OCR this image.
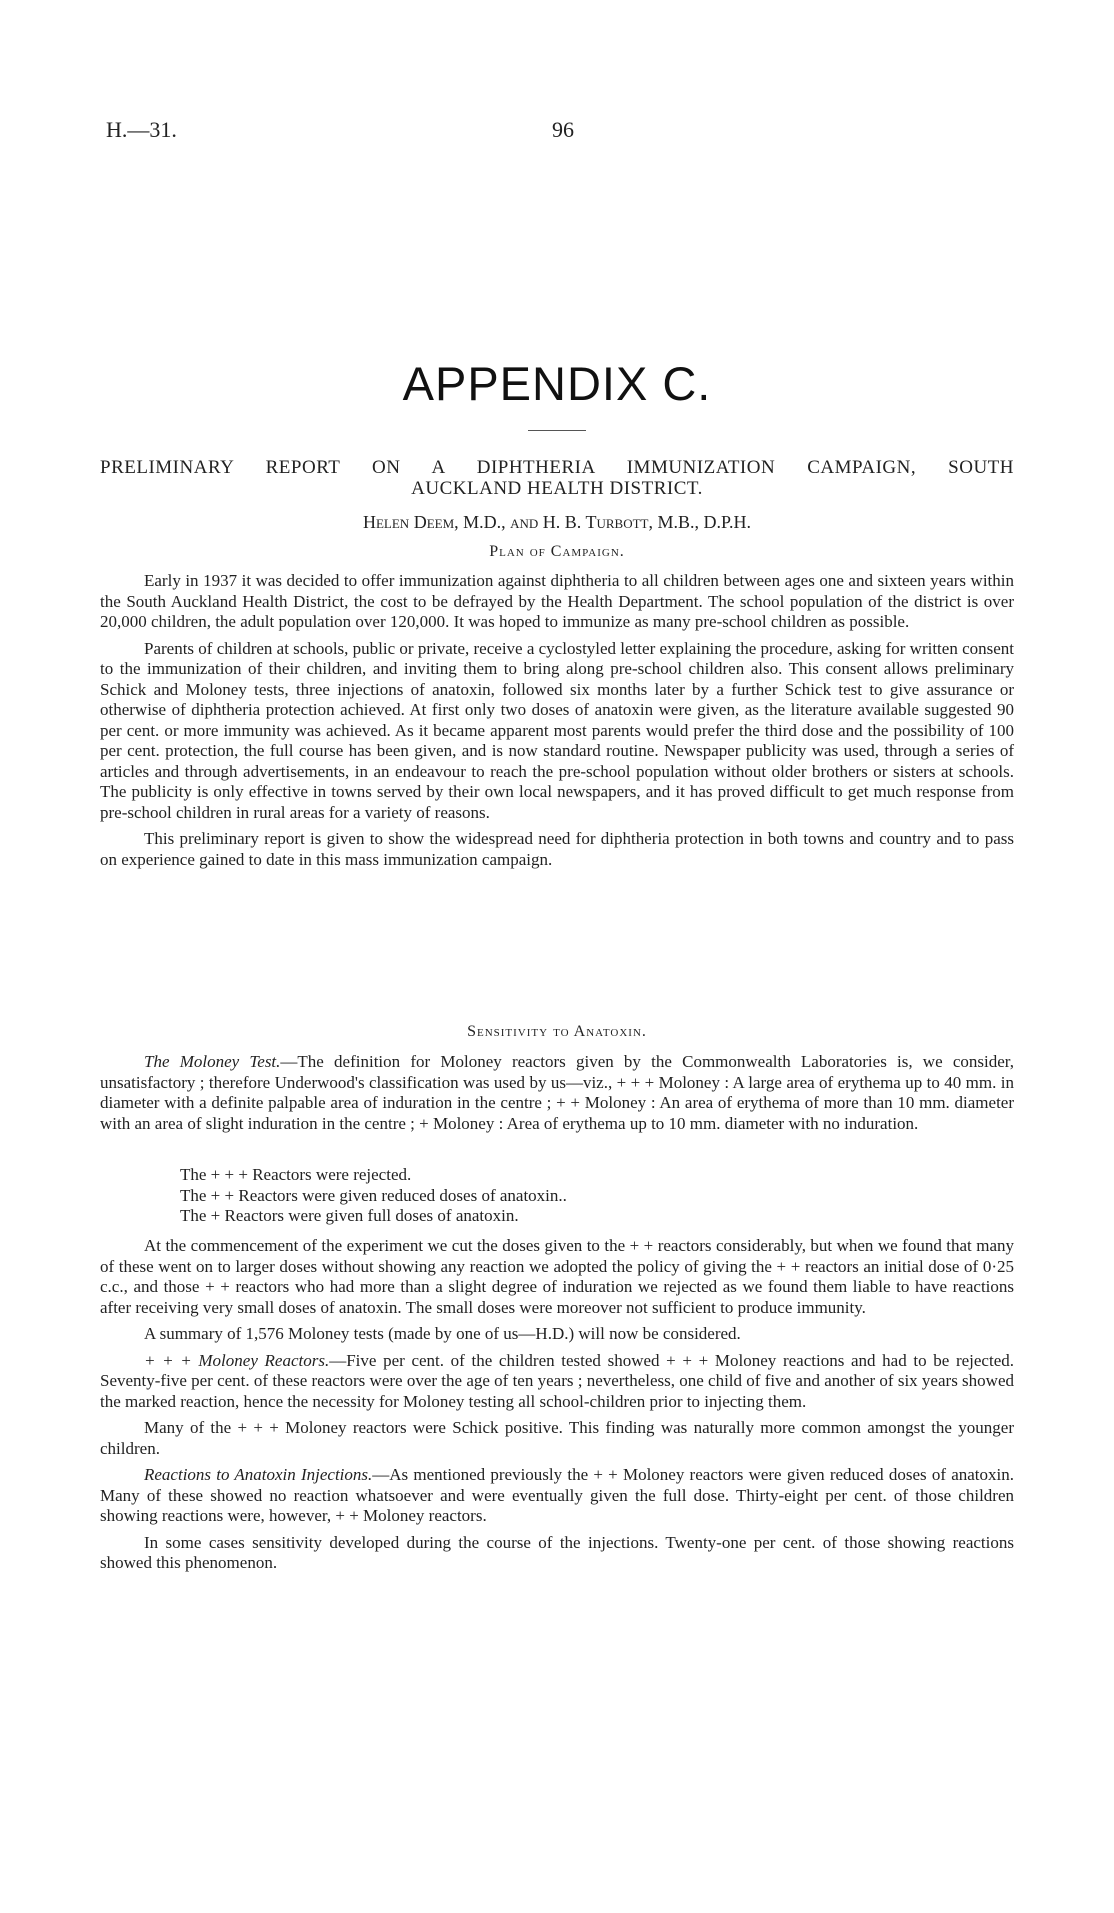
H.—31.	96
APPENDIX C.
PRELIMINARY REPORT ON A DIPHTHERIA IMMUNIZATION CAMPAIGN, SOUTH
AUCKLAND HEALTH DISTRICT.
Helen Deem, M.D., and H. B. Turbott, M.B., D.P.H.
Plan of Campaign.

Early in 1937 it was decided to offer immunization against diphtheria to all children between ages one and sixteen years within the South Auckland Health District, the cost to be defrayed by the Health Department. The school population of the district is over 20,000 children, the adult population over 120,000. It was hoped to immunize as many pre-school children as possible.

Parents of children at schools, public or private, receive a cyclostyled letter explaining the procedure, asking for written consent to the immunization of their children, and inviting them to bring along pre-school children also. This consent allows preliminary Schick and Moloney tests, three injections of anatoxin, followed six months later by a further Schick test to give assurance or otherwise of diphtheria protection achieved. At first only two doses of anatoxin were given, as the literature available suggested 90 per cent. or more immunity was achieved. As it became apparent most parents would prefer the third dose and the possibility of 100 per cent. protection, the full course has been given, and is now standard routine. Newspaper publicity was used, through a series of articles and through advertisements, in an endeavour to reach the pre-school population without older brothers or sisters at schools. The publicity is only effective in towns served by their own local newspapers, and it has proved difficult to get much response from pre-school children in rural areas for a variety of reasons.

This preliminary report is given to show the widespread need for diphtheria protection in both towns and country and to pass on experience gained to date in this mass immunization campaign.

Sensitivity to Anatoxin.

The Moloney Test.—The definition for Moloney reactors given by the Commonwealth Laboratories is, we consider, unsatisfactory ; therefore Underwood's classification was used by us—viz., + + + Moloney : A large area of erythema up to 40 mm. in diameter with a definite palpable area of induration in the centre ; + + Moloney : An area of erythema of more than 10 mm. diameter with an area of slight induration in the centre ; + Moloney : Area of erythema up to 10 mm. diameter with no induration.

The + + + Reactors were rejected.
The + + Reactors were given reduced doses of anatoxin..
The + Reactors were given full doses of anatoxin.

At the commencement of the experiment we cut the doses given to the + + reactors considerably, but when we found that many of these went on to larger doses without showing any reaction we adopted the policy of giving the + + reactors an initial dose of 0·25 c.c., and those + + reactors who had more than a slight degree of induration we rejected as we found them liable to have reactions after receiving very small doses of anatoxin. The small doses were moreover not sufficient to produce immunity.

A summary of 1,576 Moloney tests (made by one of us—H.D.) will now be considered.

+ + + Moloney Reactors.—Five per cent. of the children tested showed + + + Moloney reactions and had to be rejected. Seventy-five per cent. of these reactors were over the age of ten years ; nevertheless, one child of five and another of six years showed the marked reaction, hence the necessity for Moloney testing all school-children prior to injecting them.

Many of the + + + Moloney reactors were Schick positive. This finding was naturally more common amongst the younger children.

Reactions to Anatoxin Injections.—As mentioned previously the + + Moloney reactors were given reduced doses of anatoxin. Many of these showed no reaction whatsoever and were eventually given the full dose. Thirty-eight per cent. of those children showing reactions were, however, + + Moloney reactors.

In some cases sensitivity developed during the course of the injections. Twenty-one per cent. of those showing reactions showed this phenomenon.
